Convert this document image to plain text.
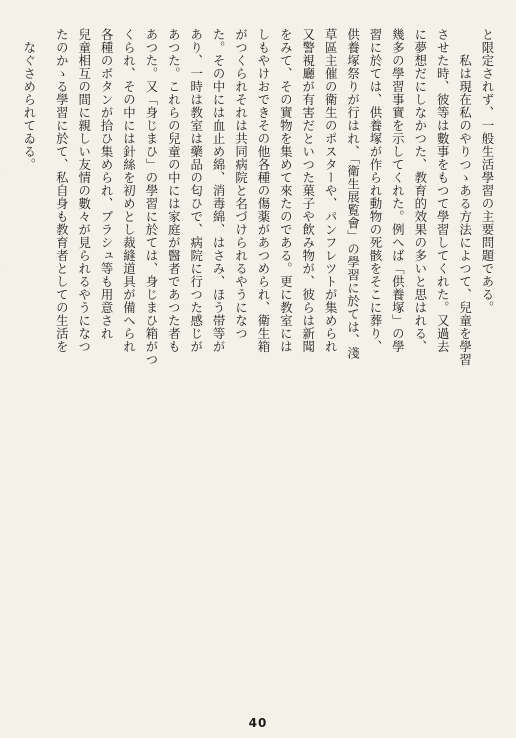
と限定されず、一般生活學習の主要問題である。

　私は現在私のやりつゝある方法によつて、兒童を學習

させた時、彼等は數事をもつて學習してくれた。又過去

に夢想だにしなかつた、教育的效果の多いと思はれる、

幾多の學習事實を示してくれた。例へば「供養塚」の學

習に於ては、供養塚が作られ動物の死骸をそこに葬り、

供養塚祭りが行はれ、「衛生展覧會」の學習に於ては、淺

草區主催の衛生のポスターや、パンフレツトが集められ

又警視廳が有害だといつた菓子や飲み物が、彼らは新聞

をみて、その實物を集めて來たのである。更に教室には

しもやけおできその他各種の傷薬があつめられ、衛生箱

がつくられそれは共同病院と名づけられるやうになつ

た。その中には血止め綿、消毒綿、はさみ、ほう帯等が

あり、一時は教室は藥品の匂ひで、病院に行つた感じが

あつた。これらの兒童の中には家庭が醫者であつた者も

あつた。又「身じまひ」の學習に於ては、身じまひ箱がつ

くられ、その中には針絲を初めとし裁縫道具が備へられ

各種のボタンが拾ひ集められ、ブラシュ等も用意され

兒童相互の間に親しい友情の數々が見られるやうになつ

たのかゝる學習に於て、私自身も教育者としての生活を

なぐさめられてゐる。

40
